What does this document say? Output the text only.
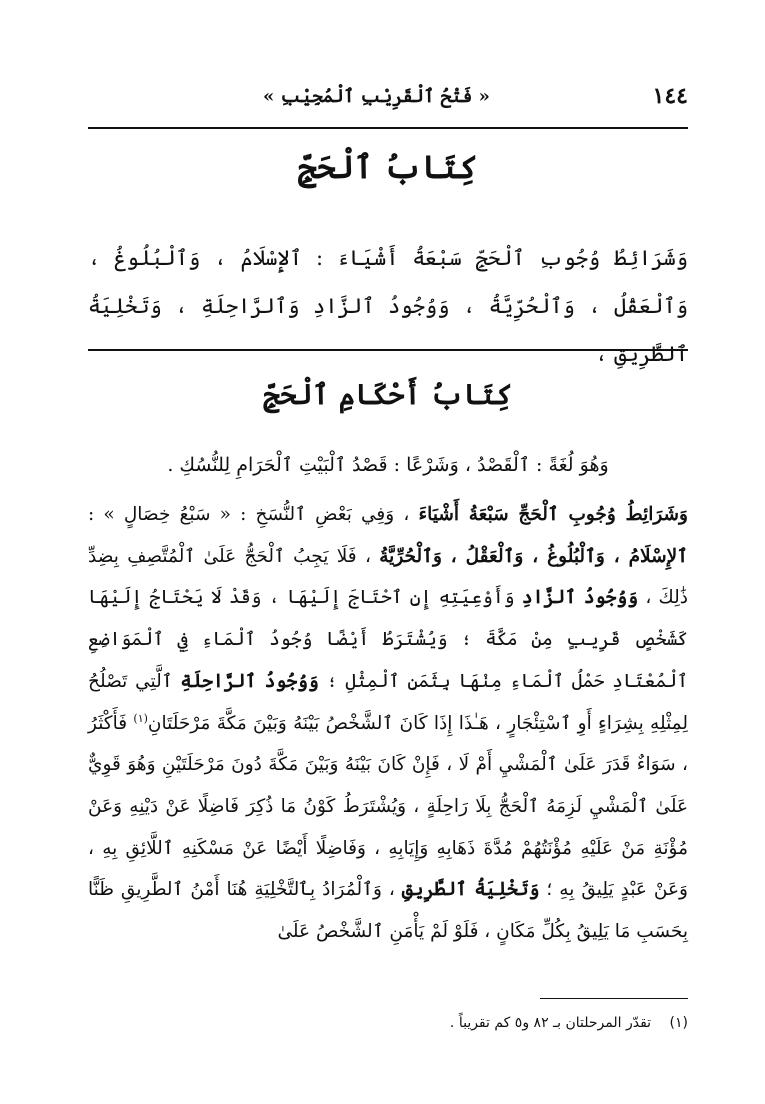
١٤٤
« فَتْحُ ٱلْقَرِيْبِ ٱلْمُجِيْبِ »
كِتَابُ ٱلْحَجِّ

وَشَرَائِطُ وُجُوبِ ٱلْحَجِّ سَبْعَةُ أَشْيَاءَ : ٱلإِسْلَامُ ، وَٱلْبُلُوغُ ، وَٱلْعَقْلُ ، وَٱلْحُرِّيَّةُ ، وَوُجُودُ ٱلزَّادِ وَٱلرَّاحِلَةِ ، وَتَخْلِيَةُ ٱلطَّرِيقِ ،

كِتَابُ أَحْكَامِ ٱلْحَجِّ

وَهُوَ لُغَةً : ٱلْقَصْدُ ، وَشَرْعًا : قَصْدُ ٱلْبَيْتِ ٱلْحَرَامِ لِلنُّسُكِ .

وَشَرَائِطُ وُجُوبِ ٱلْحَجِّ سَبْعَةُ أَشْيَاءَ ، وَفِي بَعْضِ ٱلنُّسَخِ : « سَبْعُ خِصَالٍ » : ٱلإِسْلَامُ ، وَٱلْبُلُوغُ ، وَٱلْعَقْلُ ، وَٱلْحُرِّيَّةُ ، فَلَا يَجِبُ ٱلْحَجُّ عَلَىٰ ٱلْمُتَّصِفِ بِضِدِّ ذَٰلِكَ ، وَوُجُودُ ٱلزَّادِ وَأَوْعِيَتِهِ إِنِ ٱحْتَاجَ إِلَيْهَا ، وَقَدْ لَا يَحْتَاجُ إِلَيْهَا كَشَخْصٍ قَرِيبٍ مِنْ مَكَّةَ ؛ وَيُشْتَرَطُ أَيْضًا وُجُودُ ٱلْمَاءِ فِي ٱلْمَوَاضِعِ ٱلْمُعْتَادِ حَمْلُ ٱلْمَاءِ مِنْهَا بِثَمَنِ ٱلْمِثْلِ ؛ وَوُجُودُ ٱلرَّاحِلَةِ ٱلَّتِي تَصْلُحُ لِمِثْلِهِ بِشِرَاءٍ أَوِ ٱسْتِئْجَارٍ ، هَـٰذَا إِذَا كَانَ ٱلشَّخْصُ بَيْنَهُ وَبَيْنَ مَكَّةَ مَرْحَلَتَانِ$^{(١)}$ فَأَكْثَرُ ، سَوَاءٌ قَدَرَ عَلَىٰ ٱلْمَشْيِ أَمْ لَا ، فَإِنْ كَانَ بَيْنَهُ وَبَيْنَ مَكَّةَ دُونَ مَرْحَلَتَيْنِ وَهُوَ قَوِيٌّ عَلَىٰ ٱلْمَشْيِ لَزِمَهُ ٱلْحَجُّ بِلَا رَاحِلَةٍ ، وَيُشْتَرَطُ كَوْنُ مَا ذُكِرَ فَاضِلًا عَنْ دَيْنِهِ وَعَنْ مُؤْنَةِ مَنْ عَلَيْهِ مُؤْنَتُهُمْ مُدَّةَ ذَهَابِهِ وَإِيَابِهِ ، وَفَاضِلًا أَيْضًا عَنْ مَسْكَنِهِ ٱللَّائِقِ بِهِ ، وَعَنْ عَبْدٍ يَلِيقُ بِهِ ؛ وَتَخْلِيَةُ ٱلطَّرِيقِ ، وَٱلْمُرَادُ بِٱلتَّخْلِيَةِ هُنَا أَمْنُ ٱلطَّرِيقِ ظَنًّا بِحَسَبِ مَا يَلِيقُ بِكُلِّ مَكَانٍ ، فَلَوْ لَمْ يَأْمَنِ ٱلشَّخْصُ عَلَىٰ

(١) تقدّر المرحلتان بـ ٨٢ و٥ كم تقريباً .
